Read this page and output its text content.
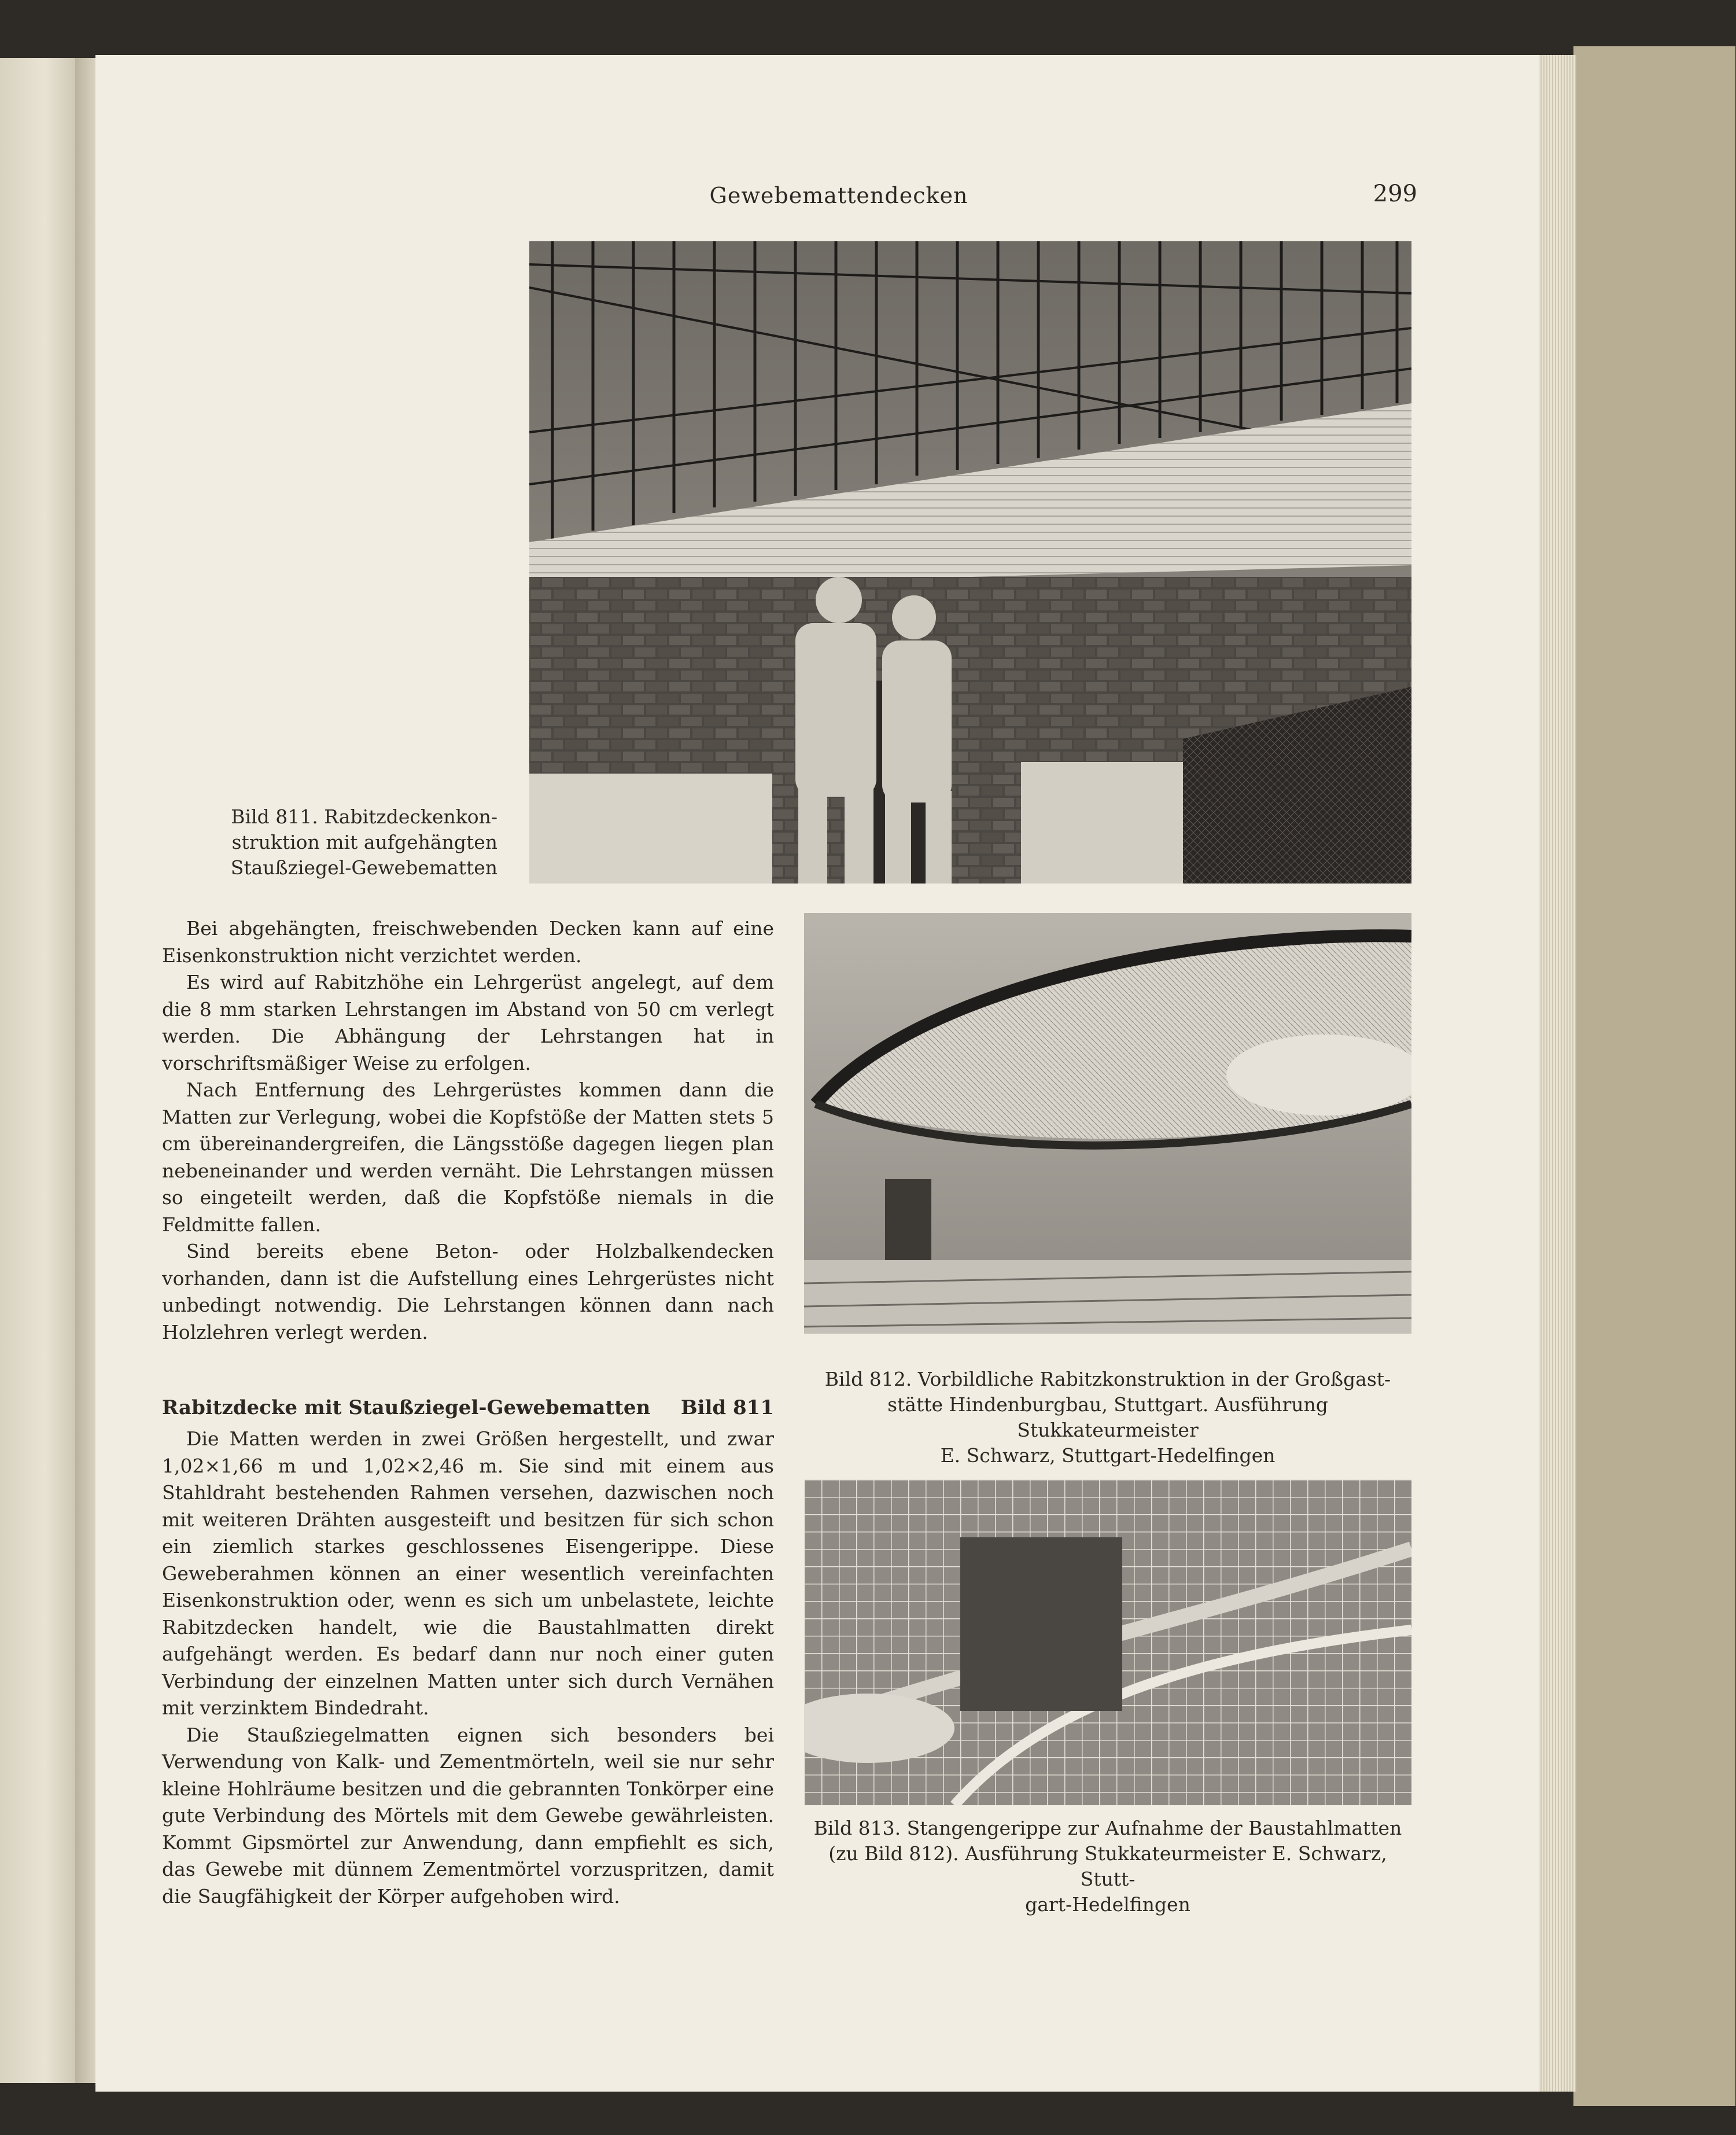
Gewebemattendecken	299
Bild 811. Rabitzdeckenkon-
struktion mit aufgehängten
Staußziegel-Gewebematten
Bild 812. Vorbildliche Rabitzkonstruktion in der Großgast-
stätte Hindenburgbau, Stuttgart. Ausführung Stukkateurmeister
E. Schwarz, Stuttgart-Hedelfingen
Bild 813. Stangengerippe zur Aufnahme der Baustahlmatten
(zu Bild 812). Ausführung Stukkateurmeister E. Schwarz, Stutt-
gart-Hedelfingen

Bei abgehängten, freischwebenden Decken kann auf eine Eisenkonstruktion nicht verzichtet werden.

Es wird auf Rabitzhöhe ein Lehrgerüst angelegt, auf dem die 8 mm starken Lehrstangen im Abstand von 50 cm verlegt werden. Die Abhängung der Lehrstangen hat in vorschriftsmäßiger Weise zu erfolgen.

Nach Entfernung des Lehrgerüstes kommen dann die Matten zur Verlegung, wobei die Kopfstöße der Matten stets 5 cm übereinandergreifen, die Längsstöße dagegen liegen plan nebeneinander und werden vernäht. Die Lehrstangen müssen so eingeteilt werden, daß die Kopfstöße niemals in die Feldmitte fallen.

Sind bereits ebene Beton- oder Holzbalkendecken vorhanden, dann ist die Aufstellung eines Lehrgerüstes nicht unbedingt notwendig. Die Lehrstangen können dann nach Holzlehren verlegt werden.

Rabitzdecke mit Staußziegel-Gewebematten Bild 811

Die Matten werden in zwei Größen hergestellt, und zwar 1,02×1,66 m und 1,02×2,46 m. Sie sind mit einem aus Stahldraht bestehenden Rahmen versehen, dazwischen noch mit weiteren Drähten ausgesteift und besitzen für sich schon ein ziemlich starkes geschlossenes Eisengerippe. Diese Geweberahmen können an einer wesentlich vereinfachten Eisenkonstruktion oder, wenn es sich um unbelastete, leichte Rabitzdecken handelt, wie die Baustahlmatten direkt aufgehängt werden. Es bedarf dann nur noch einer guten Verbindung der einzelnen Matten unter sich durch Vernähen mit verzinktem Bindedraht.

Die Staußziegelmatten eignen sich besonders bei Verwendung von Kalk- und Zementmörteln, weil sie nur sehr kleine Hohlräume besitzen und die gebrannten Tonkörper eine gute Verbindung des Mörtels mit dem Gewebe gewährleisten. Kommt Gipsmörtel zur Anwendung, dann empfiehlt es sich, das Gewebe mit dünnem Zementmörtel vorzuspritzen, damit die Saugfähigkeit der Körper aufgehoben wird.
